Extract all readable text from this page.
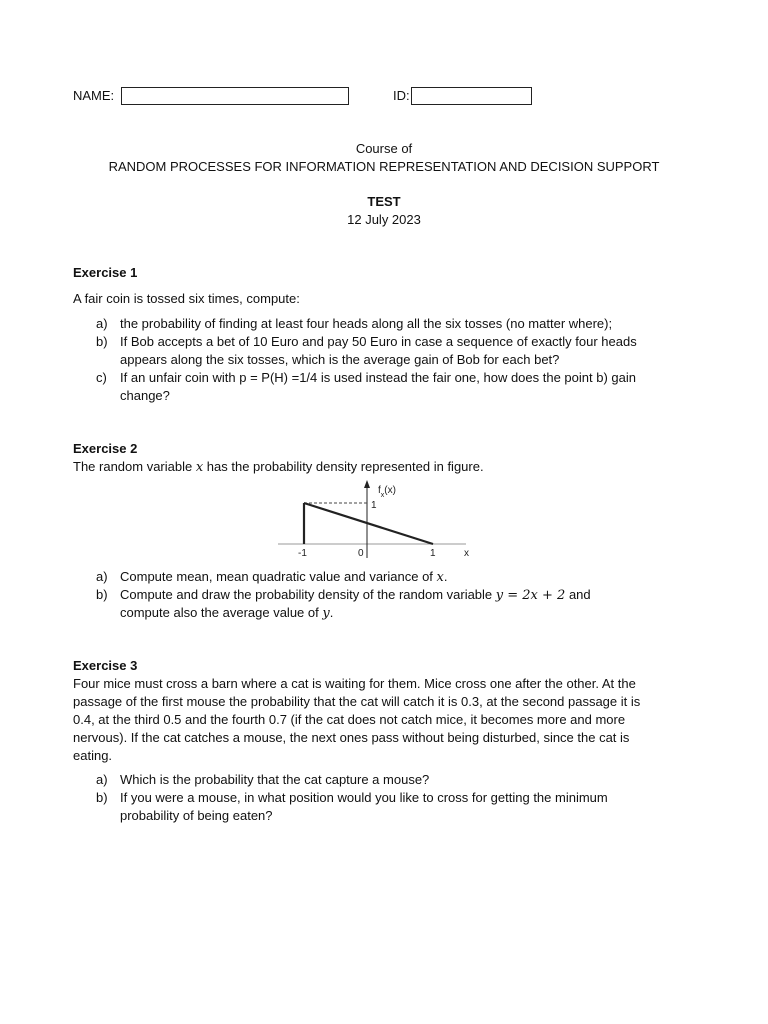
NAME:	ID:
Course of
RANDOM PROCESSES FOR INFORMATION REPRESENTATION AND DECISION SUPPORT
TEST
12 July 2023
Exercise 1
A fair coin is tossed six times, compute:
a) the probability of finding at least four heads along all the six tosses (no matter where);
b) If Bob accepts a bet of 10 Euro and pay 50 Euro in case a sequence of exactly four heads
appears along the six tosses, which is the average gain of Bob for each bet?
c) If an unfair coin with p = P(H) =1/4 is used instead the fair one, how does the point b) gain
change?
Exercise 2
The random variable x has the probability density represented in figure.
$f_x(x)$
1
-1	0	1	x
a) Compute mean, mean quadratic value and variance of x.
b) Compute and draw the probability density of the random variable y = 2x + 2 and
compute also the average value of y.
Exercise 3
Four mice must cross a barn where a cat is waiting for them. Mice cross one after the other. At the
passage of the first mouse the probability that the cat will catch it is 0.3, at the second passage it is
0.4, at the third 0.5 and the fourth 0.7 (if the cat does not catch mice, it becomes more and more
nervous). If the cat catches a mouse, the next ones pass without being disturbed, since the cat is
eating.
a) Which is the probability that the cat capture a mouse?
b) If you were a mouse, in what position would you like to cross for getting the minimum
probability of being eaten?
